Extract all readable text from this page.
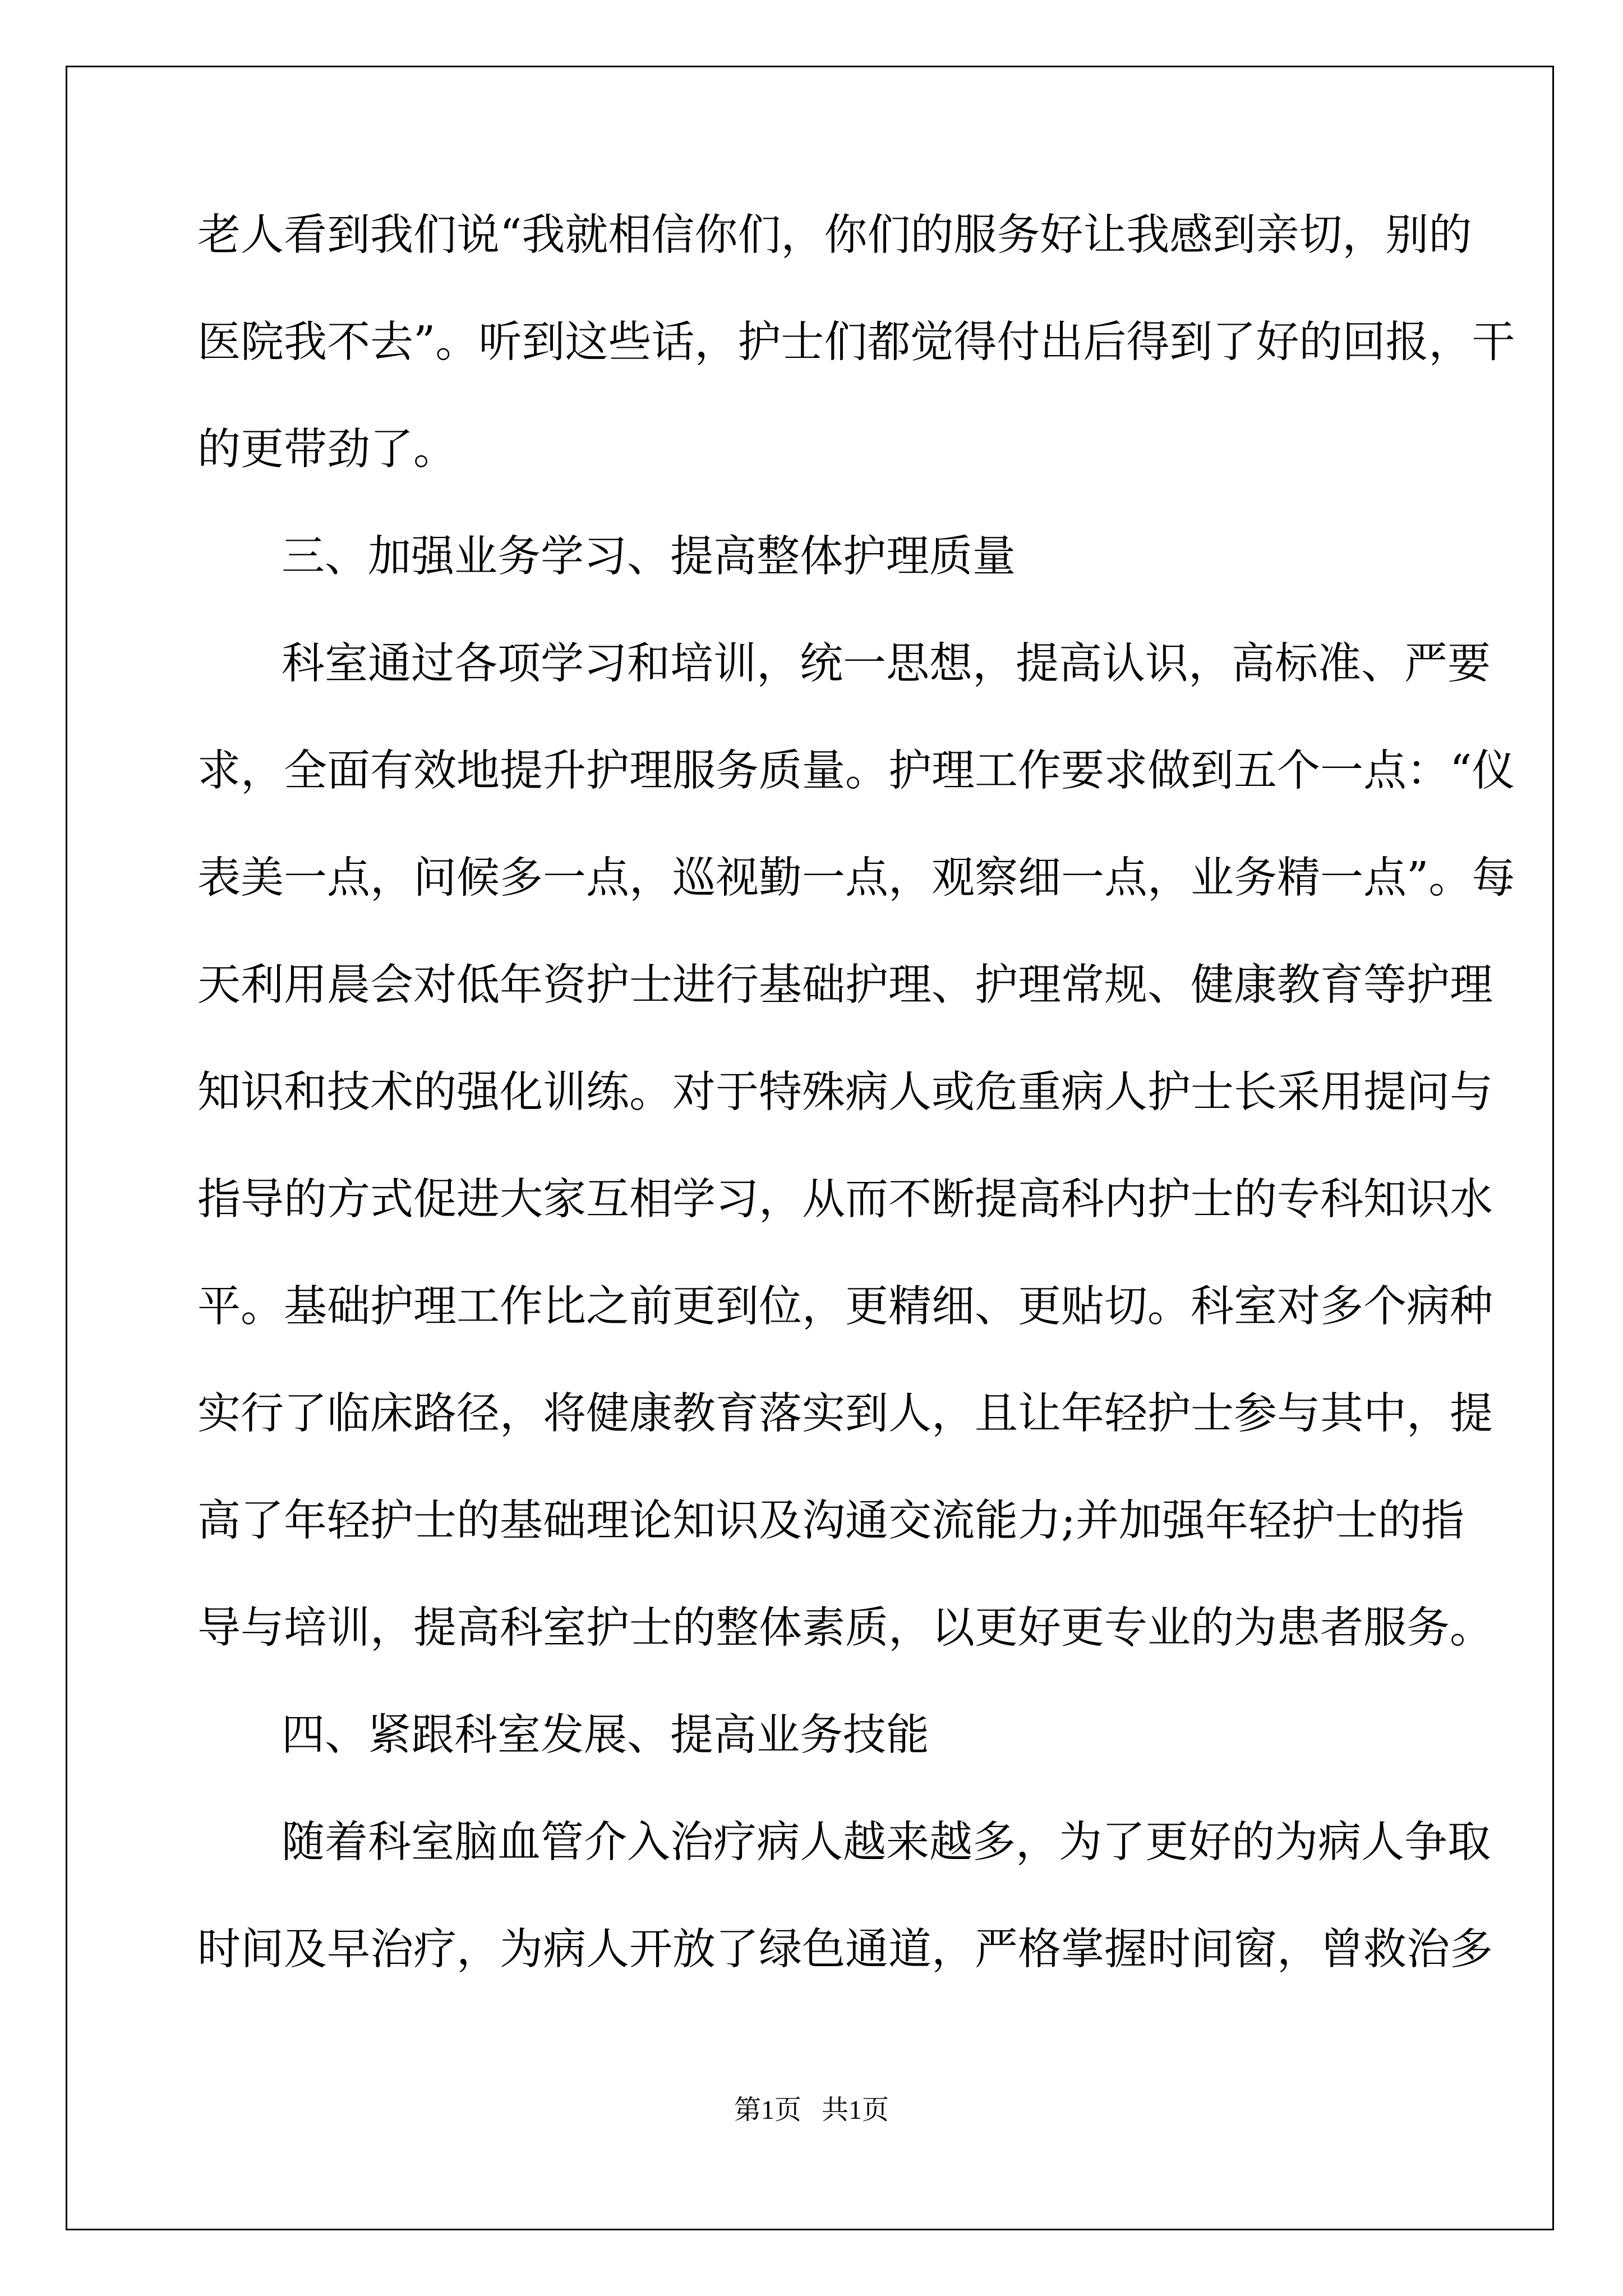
老人看到我们说“我就相信你们，你们的服务好让我感到亲切，别的
医院我不去”。听到这些话，护士们都觉得付出后得到了好的回报，干
的更带劲了。
三、加强业务学习、提高整体护理质量
科室通过各项学习和培训，统一思想，提高认识，高标准、严要
求，全面有效地提升护理服务质量。护理工作要求做到五个一点：“仪
表美一点，问候多一点，巡视勤一点，观察细一点，业务精一点”。每
天利用晨会对低年资护士进行基础护理、护理常规、健康教育等护理
知识和技术的强化训练。对于特殊病人或危重病人护士长采用提问与
指导的方式促进大家互相学习，从而不断提高科内护士的专科知识水
平。基础护理工作比之前更到位，更精细、更贴切。科室对多个病种
实行了临床路径，将健康教育落实到人，且让年轻护士参与其中，提
高了年轻护士的基础理论知识及沟通交流能力;并加强年轻护士的指
导与培训，提高科室护士的整体素质，以更好更专业的为患者服务。
四、紧跟科室发展、提高业务技能
随着科室脑血管介入治疗病人越来越多，为了更好的为病人争取
时间及早治疗，为病人开放了绿色通道，严格掌握时间窗，曾救治多
第1页   共1页
